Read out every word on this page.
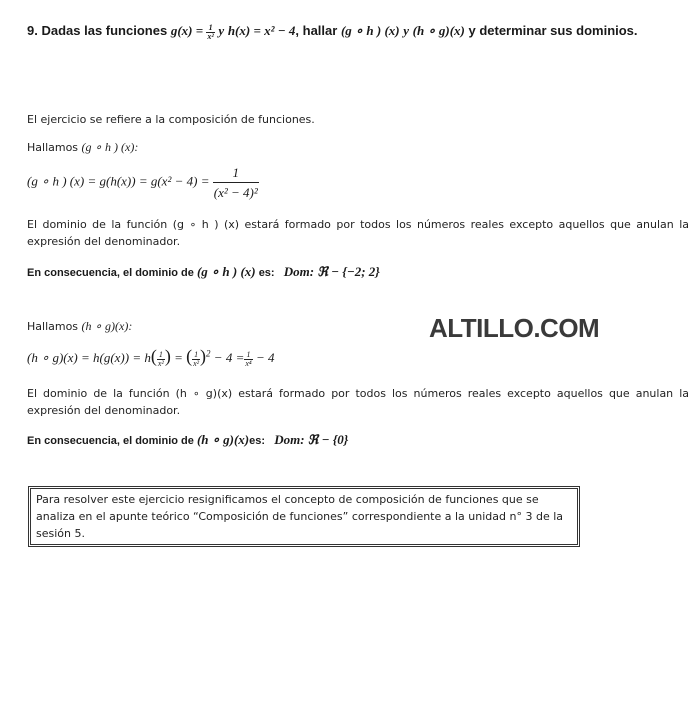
9. Dadas las funciones $g(x) = \frac{1}{\text{x²}}$ y h(x) = x² − 4, hallar (g ∘ h ) (x) y (h ∘ g)(x) y determinar sus dominios.
El ejercicio se refiere a la composición de funciones.
Hallamos (g ∘ h ) (x):
(g ∘ h ) $(x) = g(h(x)) = g(x^2 - 4) = \frac{1}{\text{(x² − 4)²}}$
El dominio de la función (g ∘ h ) (x) estará formado por todos los números reales excepto aquellos que anulan la expresión del denominador.
En consecuencia, el dominio de (g ∘ h ) (x) es: Dom: ℜ − {−2; 2}
ALTILLO.COM
Hallamos (h ∘ g)(x):
(h ∘ $g)(x) = h(g(x)) = h( \frac{1}{\text{x²}}$ ) = ( $\frac{1}{\text{x²}} )^2 - 4 = \frac{1}{\text{x⁴}} - 4$
El dominio de la función (h ∘ g)(x) estará formado por todos los números reales excepto aquellos que anulan la expresión del denominador.
En consecuencia, el dominio de (h ∘ g)(x)es: Dom: ℜ − {0}
Para resolver este ejercicio resignificamos el concepto de composición de funciones que se analiza en el apunte teórico “Composición de funciones” correspondiente a la unidad n° 3 de la sesión 5.
